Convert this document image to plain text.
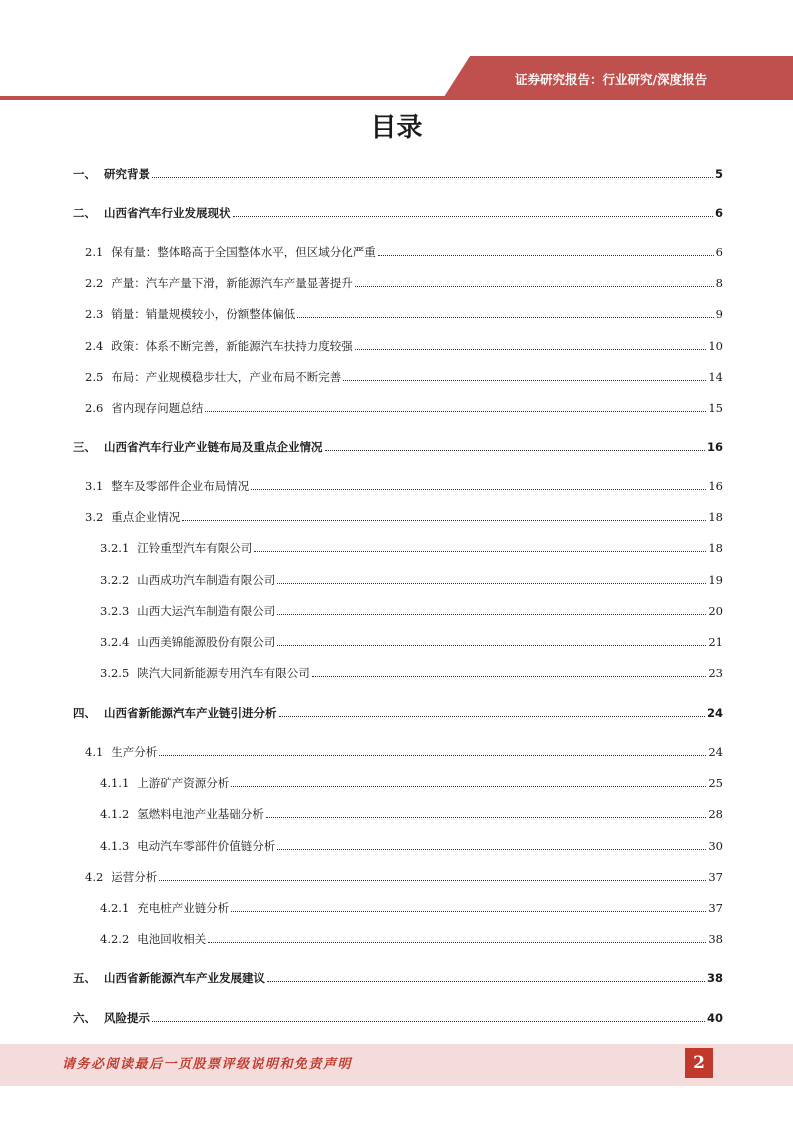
证券研究报告：行业研究/深度报告
目录
一、 研究背景	5
二、 山西省汽车行业发展现状	6
2.1 保有量：整体略高于全国整体水平，但区域分化严重	6
2.2 产量：汽车产量下滑，新能源汽车产量显著提升	8
2.3 销量：销量规模较小，份额整体偏低	9
2.4 政策：体系不断完善，新能源汽车扶持力度较强	10
2.5 布局：产业规模稳步壮大，产业布局不断完善	14
2.6 省内现存问题总结	15
三、 山西省汽车行业产业链布局及重点企业情况	16
3.1 整车及零部件企业布局情况	16
3.2 重点企业情况	18
3.2.1 江铃重型汽车有限公司	18
3.2.2 山西成功汽车制造有限公司	19
3.2.3 山西大运汽车制造有限公司	20
3.2.4 山西美锦能源股份有限公司	21
3.2.5 陕汽大同新能源专用汽车有限公司	23
四、 山西省新能源汽车产业链引进分析	24
4.1 生产分析	24
4.1.1 上游矿产资源分析	25
4.1.2 氢燃料电池产业基础分析	28
4.1.3 电动汽车零部件价值链分析	30
4.2 运营分析	37
4.2.1 充电桩产业链分析	37
4.2.2 电池回收相关	38
五、 山西省新能源汽车产业发展建议	38
六、 风险提示	40
请务必阅读最后一页股票评级说明和免责声明	2
